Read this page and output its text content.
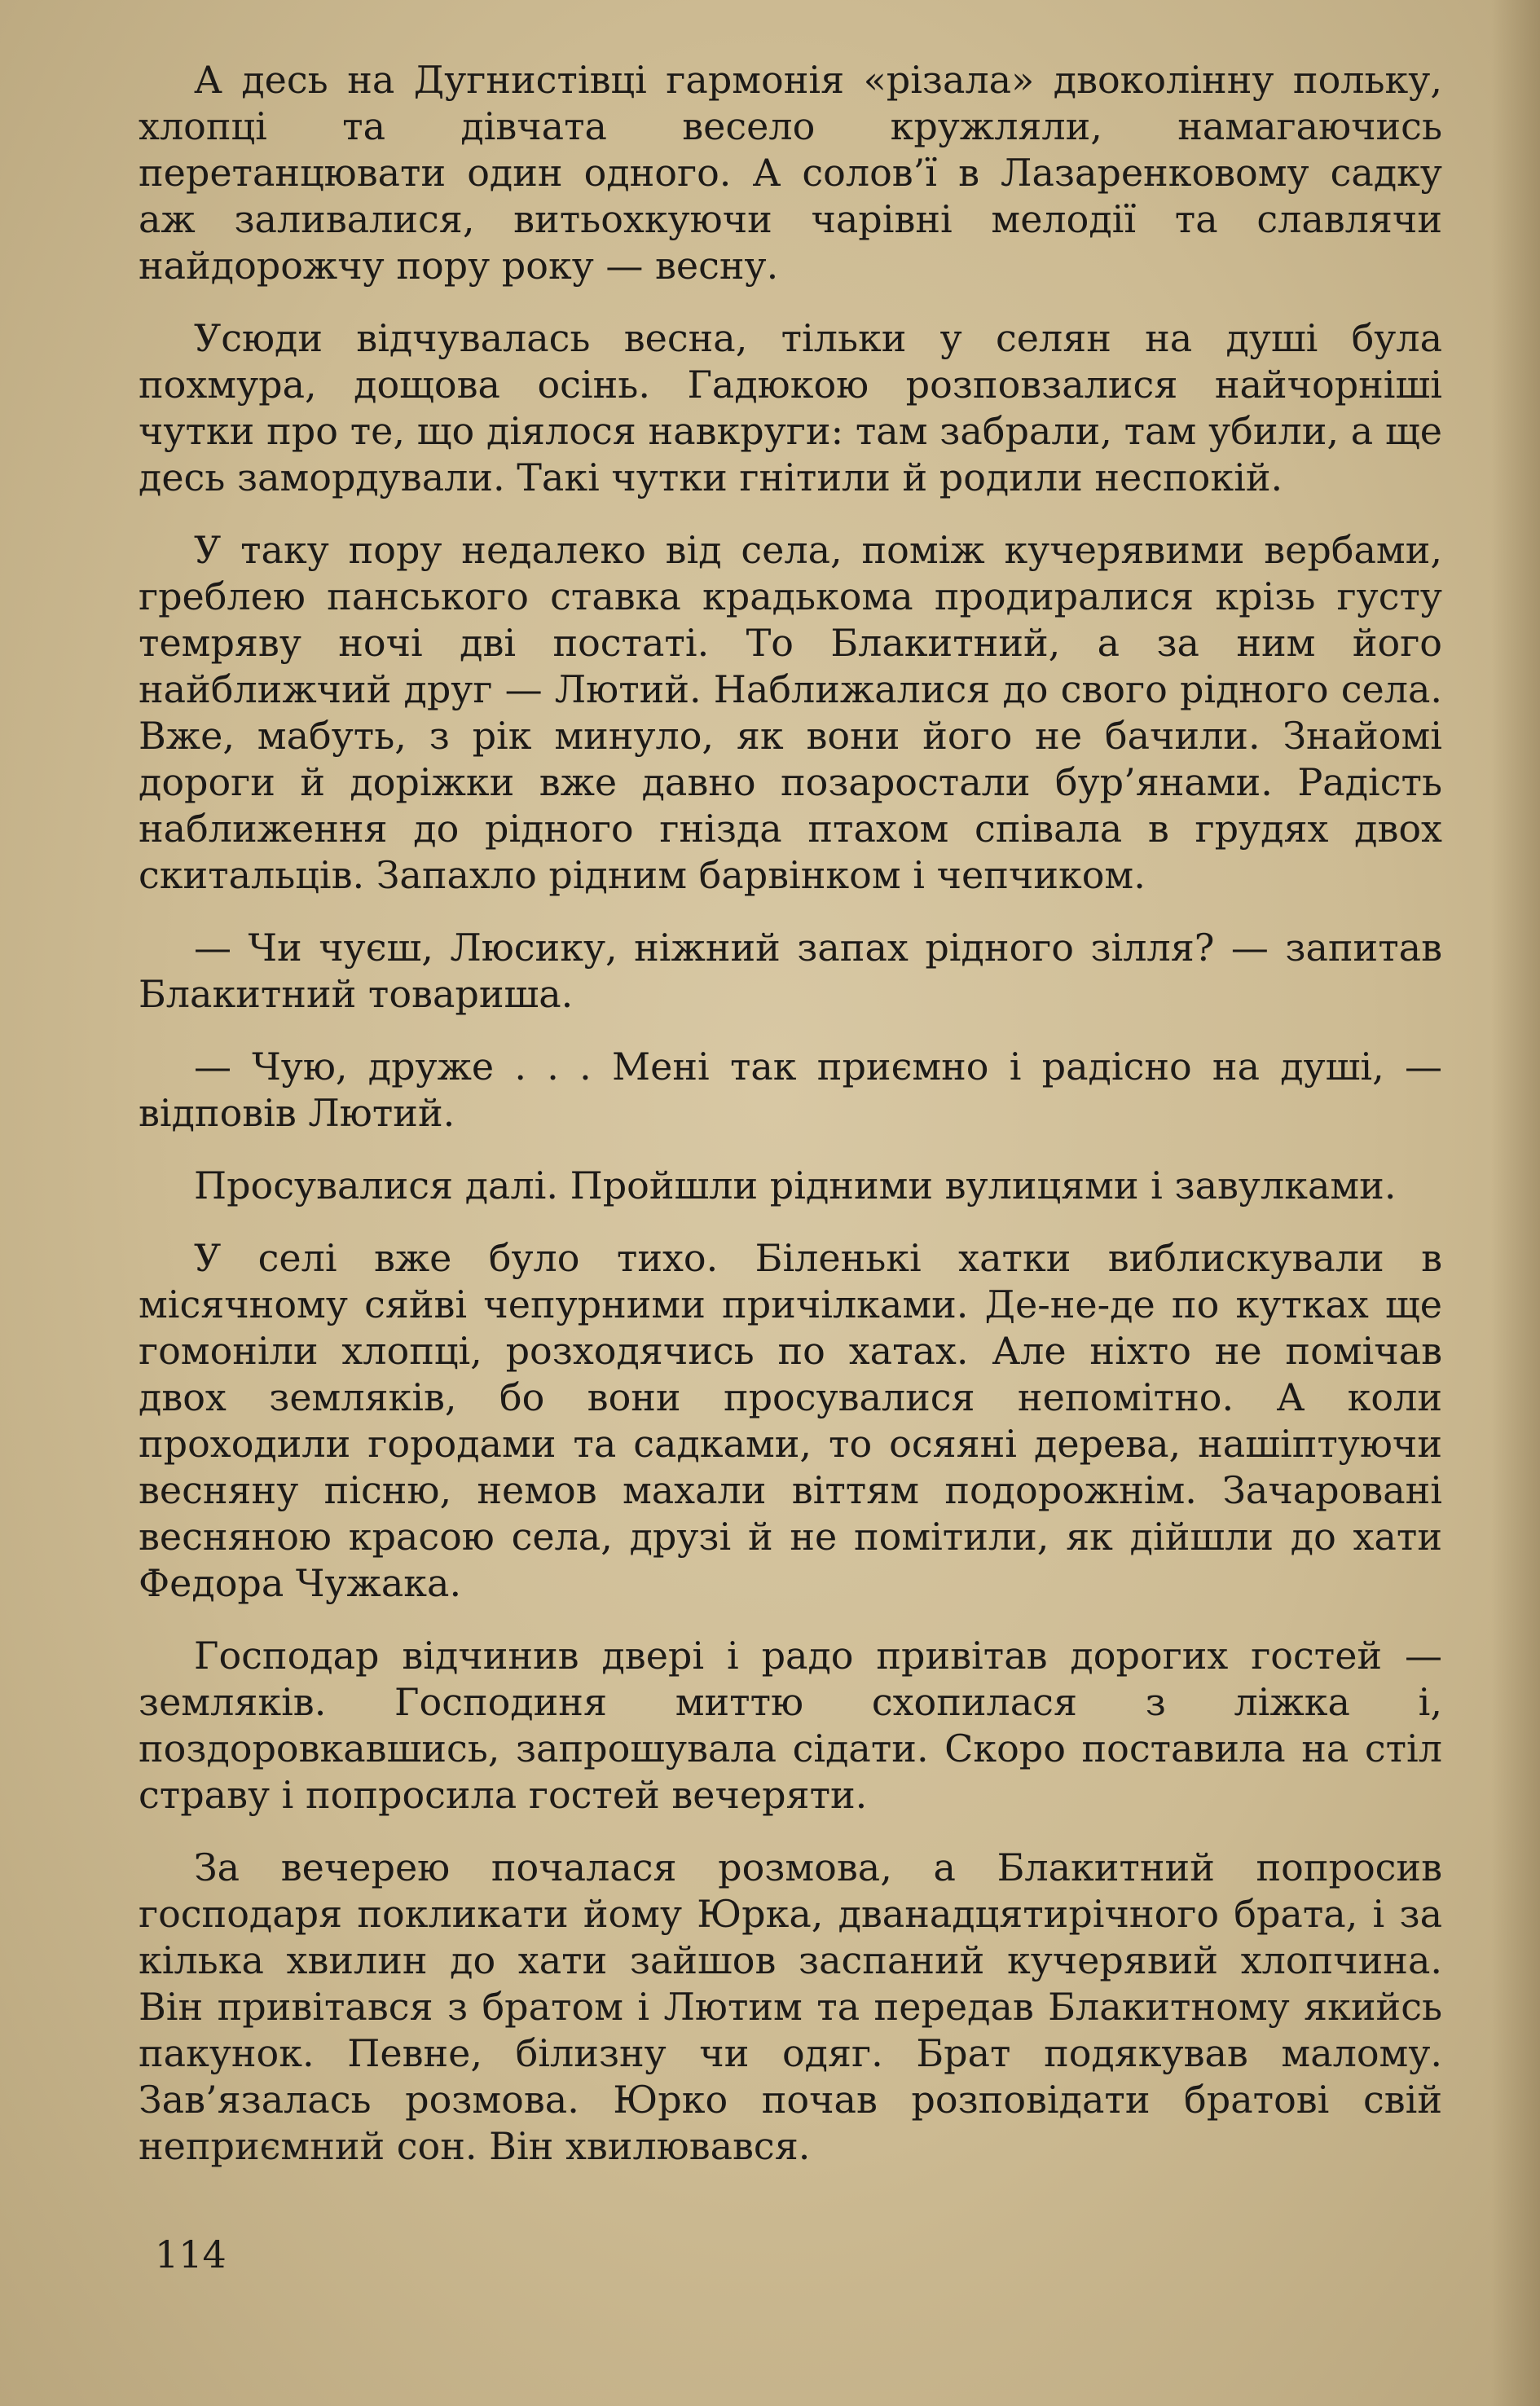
А десь на Дугнистівці гармонія «різала» двоколінну польку, хлопці та дівчата весело кружляли, намагаючись перетанцювати один одного. А солов’ї в Лазаренковому садку аж заливалися, витьохкуючи чарівні мелодії та славлячи найдорожчу пору року — весну.

Усюди відчувалась весна, тільки у селян на душі була похмура, дощова осінь. Гадюкою розповзалися найчорніші чутки про те, що діялося навкруги: там забрали, там убили, а ще десь замордували. Такі чутки гнітили й родили неспокій.

У таку пору недалеко від села, поміж кучерявими вербами, греблею панського ставка крадькома продиралися крізь густу темряву ночі дві постаті. То Блакитний, а за ним його найближчий друг — Лютий. Наближалися до свого рідного села. Вже, мабуть, з рік минуло, як вони його не бачили. Знайомі дороги й доріжки вже давно позаростали бур’янами. Радість наближення до рідного гнізда птахом співала в грудях двох скитальців. Запахло рідним барвінком і чепчиком.

— Чи чуєш, Люсику, ніжний запах рідного зілля? — запитав Блакитний товариша.

— Чую, друже . . . Мені так приємно і радісно на душі, — відповів Лютий.

Просувалися далі. Пройшли рідними вулицями і завулками.

У селі вже було тихо. Біленькі хатки виблискували в місячному сяйві чепурними причілками. Де-не-де по кутках ще гомоніли хлопці, розходячись по хатах. Але ніхто не помічав двох земляків, бо вони просувалися непомітно. А коли проходили городами та садками, то осяяні дерева, нашіптуючи весняну пісню, немов махали віттям подорожнім. Зачаровані весняною красою села, друзі й не помітили, як дійшли до хати Федора Чужака.

Господар відчинив двері і радо привітав дорогих гостей — земляків. Господиня миттю схопилася з ліжка і, поздоровкавшись, запрошувала сідати. Скоро поставила на стіл страву і попросила гостей вечеряти.

За вечерею почалася розмова, а Блакитний попросив господаря покликати йому Юрка, дванадцятирічного брата, і за кілька хвилин до хати зайшов заспаний кучерявий хлопчина. Він привітався з братом і Лютим та передав Блакитному якийсь пакунок. Певне, білизну чи одяг. Брат подякував малому. Зав’язалась розмова. Юрко почав розповідати братові свій неприємний сон. Він хвилювався.

114
